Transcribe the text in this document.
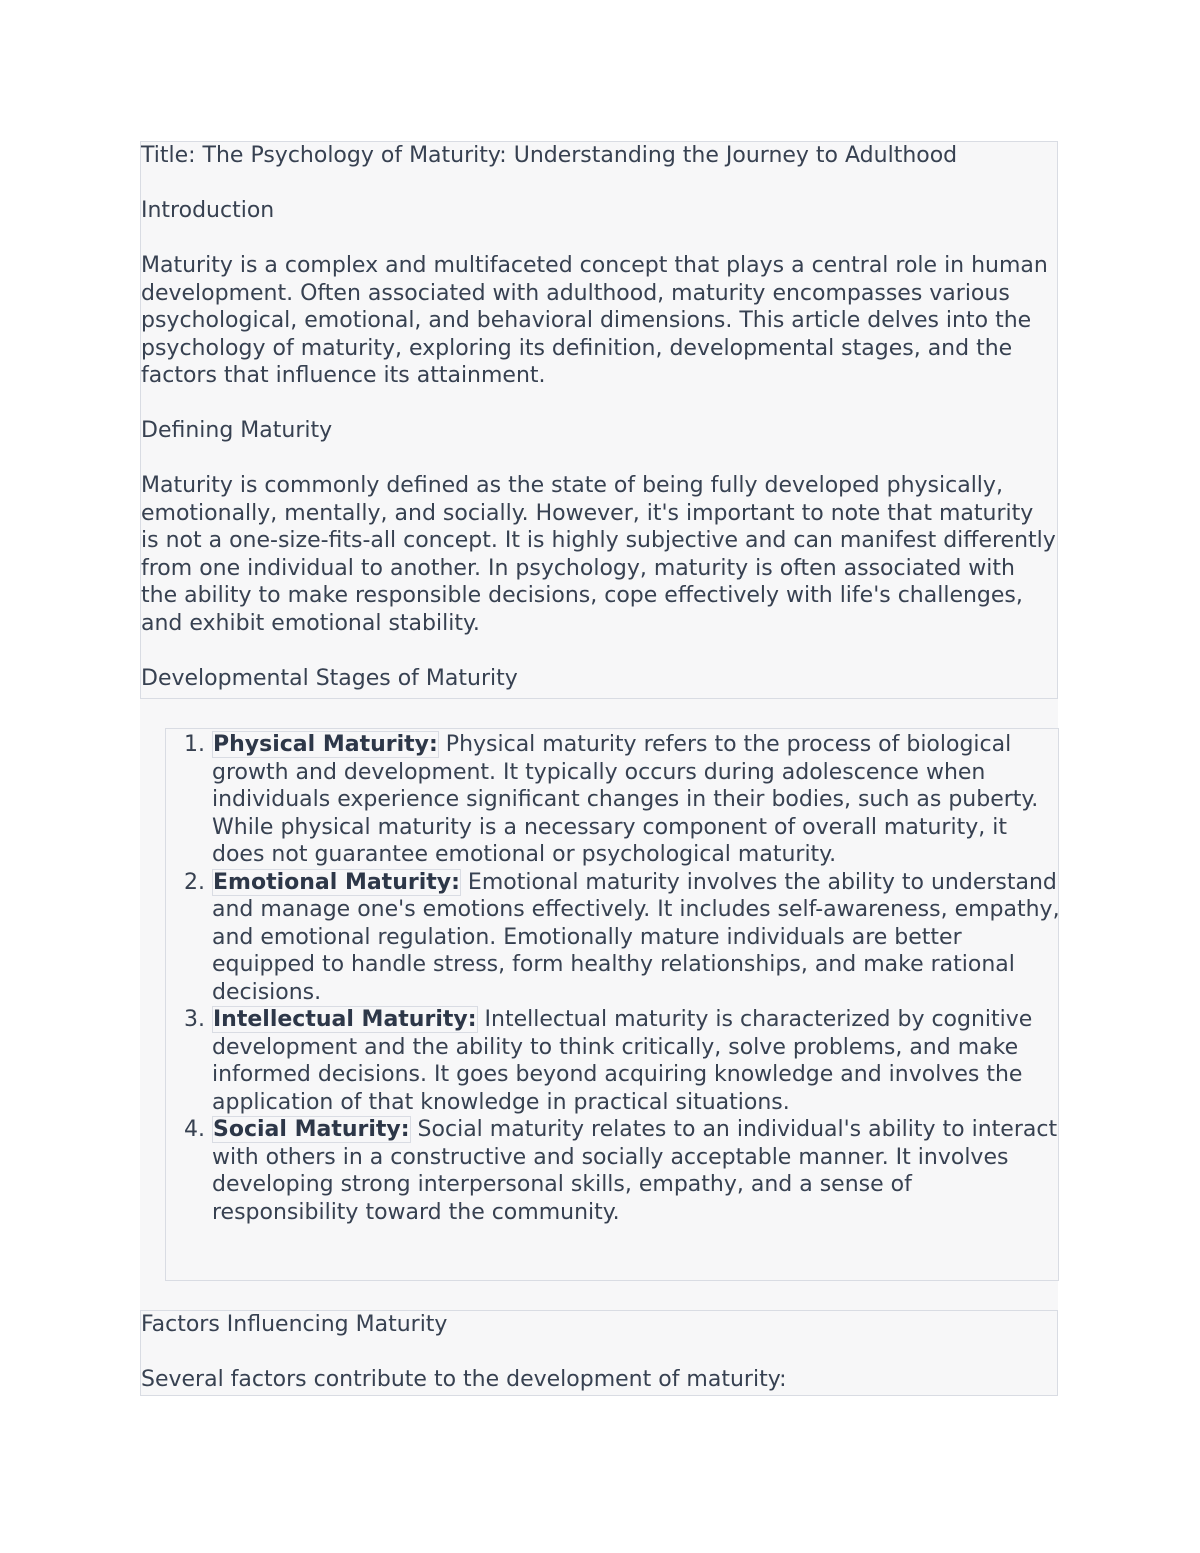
Title: The Psychology of Maturity: Understanding the Journey to Adulthood

Introduction

Maturity is a complex and multifaceted concept that plays a central role in human development. Often associated with adulthood, maturity encompasses various psychological, emotional, and behavioral dimensions. This article delves into the psychology of maturity, exploring its definition, developmental stages, and the factors that influence its attainment.

Defining Maturity

Maturity is commonly defined as the state of being fully developed physically, emotionally, mentally, and socially. However, it's important to note that maturity is not a one-size-fits-all concept. It is highly subjective and can manifest differently from one individual to another. In psychology, maturity is often associated with the ability to make responsible decisions, cope effectively with life's challenges, and exhibit emotional stability.

Developmental Stages of Maturity

1. Physical Maturity: Physical maturity refers to the process of biological growth and development. It typically occurs during adolescence when individuals experience significant changes in their bodies, such as puberty. While physical maturity is a necessary component of overall maturity, it does not guarantee emotional or psychological maturity.
2. Emotional Maturity: Emotional maturity involves the ability to understand and manage one's emotions effectively. It includes self-awareness, empathy, and emotional regulation. Emotionally mature individuals are better equipped to handle stress, form healthy relationships, and make rational decisions.
3. Intellectual Maturity: Intellectual maturity is characterized by cognitive development and the ability to think critically, solve problems, and make informed decisions. It goes beyond acquiring knowledge and involves the application of that knowledge in practical situations.
4. Social Maturity: Social maturity relates to an individual's ability to interact with others in a constructive and socially acceptable manner. It involves developing strong interpersonal skills, empathy, and a sense of responsibility toward the community.

Factors Influencing Maturity

Several factors contribute to the development of maturity:
